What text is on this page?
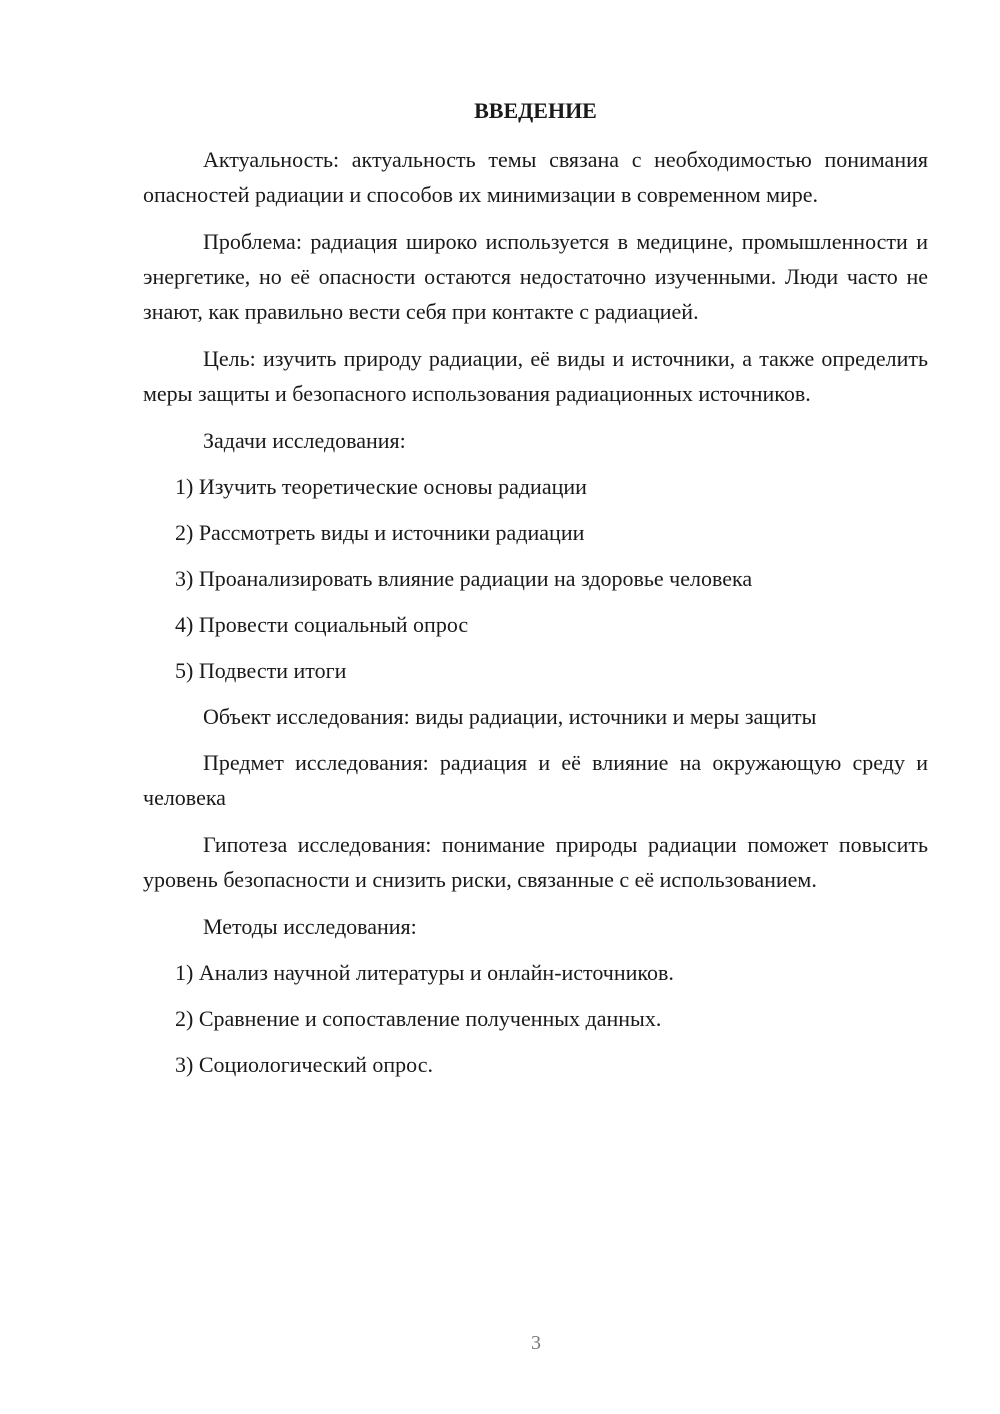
ВВЕДЕНИЕ

Актуальность: актуальность темы связана с необходимостью понимания опасностей радиации и способов их минимизации в современном мире.

Проблема: радиация широко используется в медицине, промышленности и энергетике, но её опасности остаются недостаточно изученными. Люди часто не знают, как правильно вести себя при контакте с радиацией.

Цель: изучить природу радиации, её виды и источники, а также определить меры защиты и безопасного использования радиационных источников.

Задачи исследования:

1) Изучить теоретические основы радиации
2) Рассмотреть виды и источники радиации
3) Проанализировать влияние радиации на здоровье человека
4) Провести социальный опрос
5) Подвести итоги

Объект исследования: виды радиации, источники и меры защиты

Предмет исследования: радиация и её влияние на окружающую среду и человека

Гипотеза исследования: понимание природы радиации поможет повысить уровень безопасности и снизить риски, связанные с её использованием.

Методы исследования:

1) Анализ научной литературы и онлайн-источников.
2) Сравнение и сопоставление полученных данных.
3) Социологический опрос.
3
